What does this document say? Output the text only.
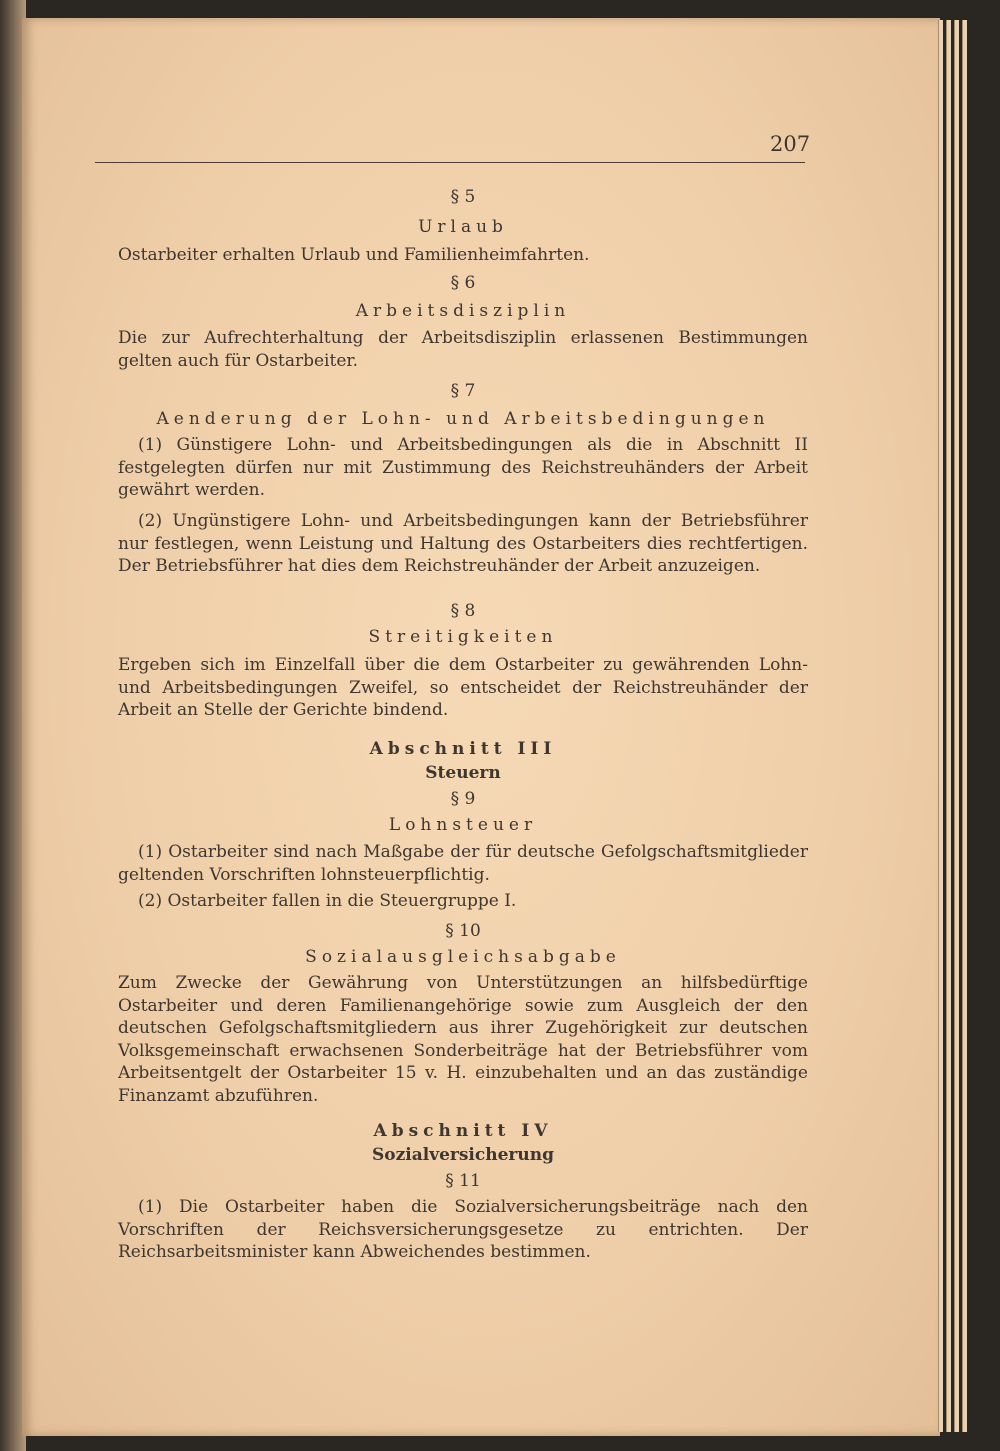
207
§ 5
Urlaub
Ostarbeiter erhalten Urlaub und Familienheimfahrten.
§ 6
Arbeitsdisziplin
Die zur Aufrechterhaltung der Arbeitsdisziplin erlassenen Bestimmungen gelten auch für Ostarbeiter.
§ 7
Aenderung der Lohn- und Arbeitsbedingungen
(1) Günstigere Lohn- und Arbeitsbedingungen als die in Abschnitt II festgelegten dürfen nur mit Zustimmung des Reichstreuhänders der Arbeit gewährt werden.
(2) Ungünstigere Lohn- und Arbeitsbedingungen kann der Betriebsführer nur festlegen, wenn Leistung und Haltung des Ostarbeiters dies rechtfertigen. Der Betriebsführer hat dies dem Reichstreuhänder der Arbeit anzuzeigen.
§ 8
Streitigkeiten
Ergeben sich im Einzelfall über die dem Ostarbeiter zu gewährenden Lohn- und Arbeitsbedingungen Zweifel, so entscheidet der Reichstreuhänder der Arbeit an Stelle der Gerichte bindend.
Abschnitt III
Steuern
§ 9
Lohnsteuer
(1) Ostarbeiter sind nach Maßgabe der für deutsche Gefolgschaftsmitglieder geltenden Vorschriften lohnsteuerpflichtig.
(2) Ostarbeiter fallen in die Steuergruppe I.
§ 10
Sozialausgleichsabgabe
Zum Zwecke der Gewährung von Unterstützungen an hilfsbedürftige Ostarbeiter und deren Familienangehörige sowie zum Ausgleich der den deutschen Gefolgschaftsmitgliedern aus ihrer Zugehörigkeit zur deutschen Volksgemeinschaft erwachsenen Sonderbeiträge hat der Betriebsführer vom Arbeitsentgelt der Ostarbeiter 15 v. H. einzubehalten und an das zuständige Finanzamt abzuführen.
Abschnitt IV
Sozialversicherung
§ 11
(1) Die Ostarbeiter haben die Sozialversicherungsbeiträge nach den Vorschriften der Reichsversicherungsgesetze zu entrichten. Der Reichsarbeitsminister kann Abweichendes bestimmen.
